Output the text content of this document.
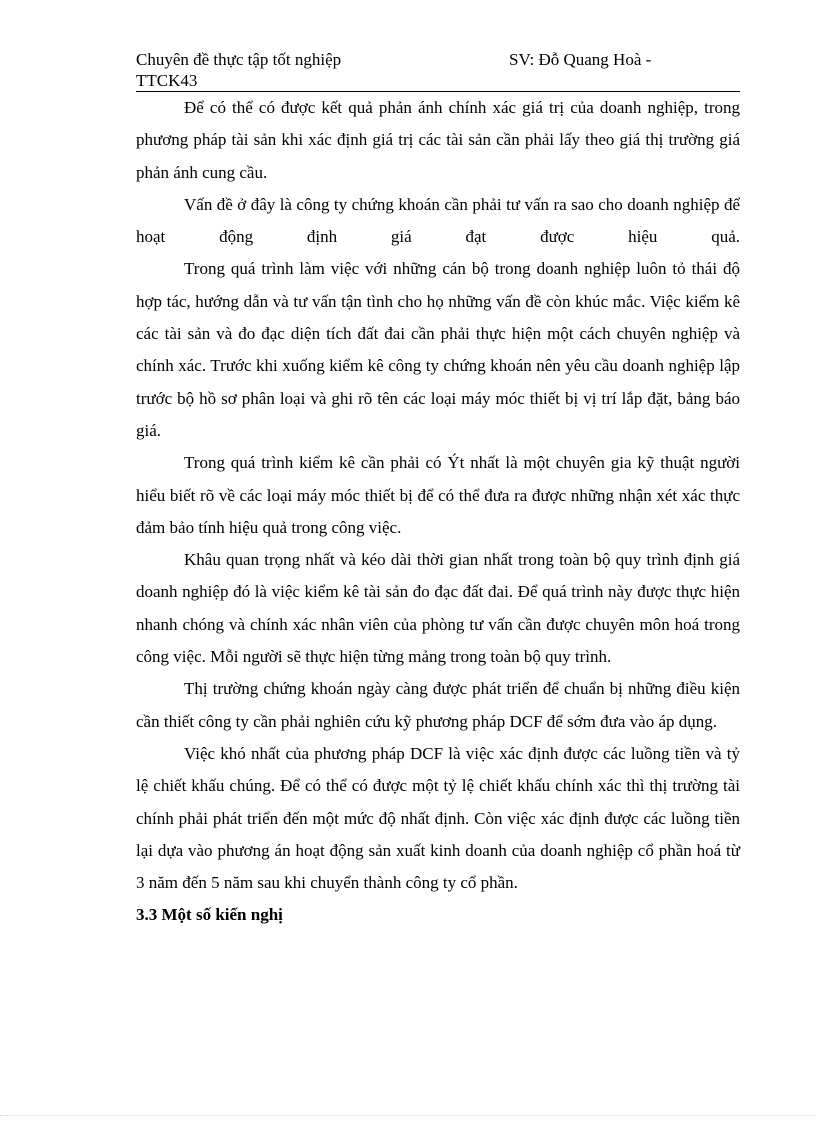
Chuyên đề thực tập tốt nghiệp	SV: Đỗ Quang Hoà -
TTCK43

Để có thể có được kết quả phản ánh chính xác giá trị của doanh nghiệp, trong phương pháp tài sản khi xác định giá trị các tài sản cần phải lấy theo giá thị trường giá phản ánh cung cầu.

Vấn đề ở đây là công ty chứng khoán cần phải tư vấn ra sao cho doanh nghiệp để hoạt động định giá đạt được hiệu quả.

Trong quá trình làm việc với những cán bộ trong doanh nghiệp luôn tỏ thái độ hợp tác, hướng dẫn và tư vấn tận tình cho họ những vấn đề còn khúc mắc. Việc kiểm kê các tài sản và đo đạc diện tích đất đai cần phải thực hiện một cách chuyên nghiệp và chính xác. Trước khi xuống kiểm kê công ty chứng khoán nên yêu cầu doanh nghiệp lập trước bộ hồ sơ phân loại và ghi rõ tên các loại máy móc thiết bị vị trí lắp đặt, bảng báo giá.

Trong quá trình kiểm kê cần phải có Ýt nhất là một chuyên gia kỹ thuật người hiểu biết rõ về các loại máy móc thiết bị để có thể đưa ra được những nhận xét xác thực đảm bảo tính hiệu quả trong công việc.

Khâu quan trọng nhất và kéo dài thời gian nhất trong toàn bộ quy trình định giá doanh nghiệp đó là việc kiểm kê tài sản đo đạc đất đai. Để quá trình này được thực hiện nhanh chóng và chính xác nhân viên của phòng tư vấn cần được chuyên môn hoá trong công việc. Mỗi người sẽ thực hiện từng mảng trong toàn bộ quy trình.

Thị trường chứng khoán ngày càng được phát triển để chuẩn bị những điều kiện cần thiết công ty cần phải nghiên cứu kỹ phương pháp DCF để sớm đưa vào áp dụng.

Việc khó nhất của phương pháp DCF là việc xác định được các luồng tiền và tỷ lệ chiết khấu chúng. Để có thể có được một tỷ lệ chiết khấu chính xác thì thị trường tài chính phải phát triển đến một mức độ nhất định. Còn việc xác định được các luồng tiền lại dựa vào phương án hoạt động sản xuất kinh doanh của doanh nghiệp cổ phần hoá từ 3 năm đến 5 năm sau khi chuyển thành công ty cổ phần.

3.3 Một số kiến nghị
